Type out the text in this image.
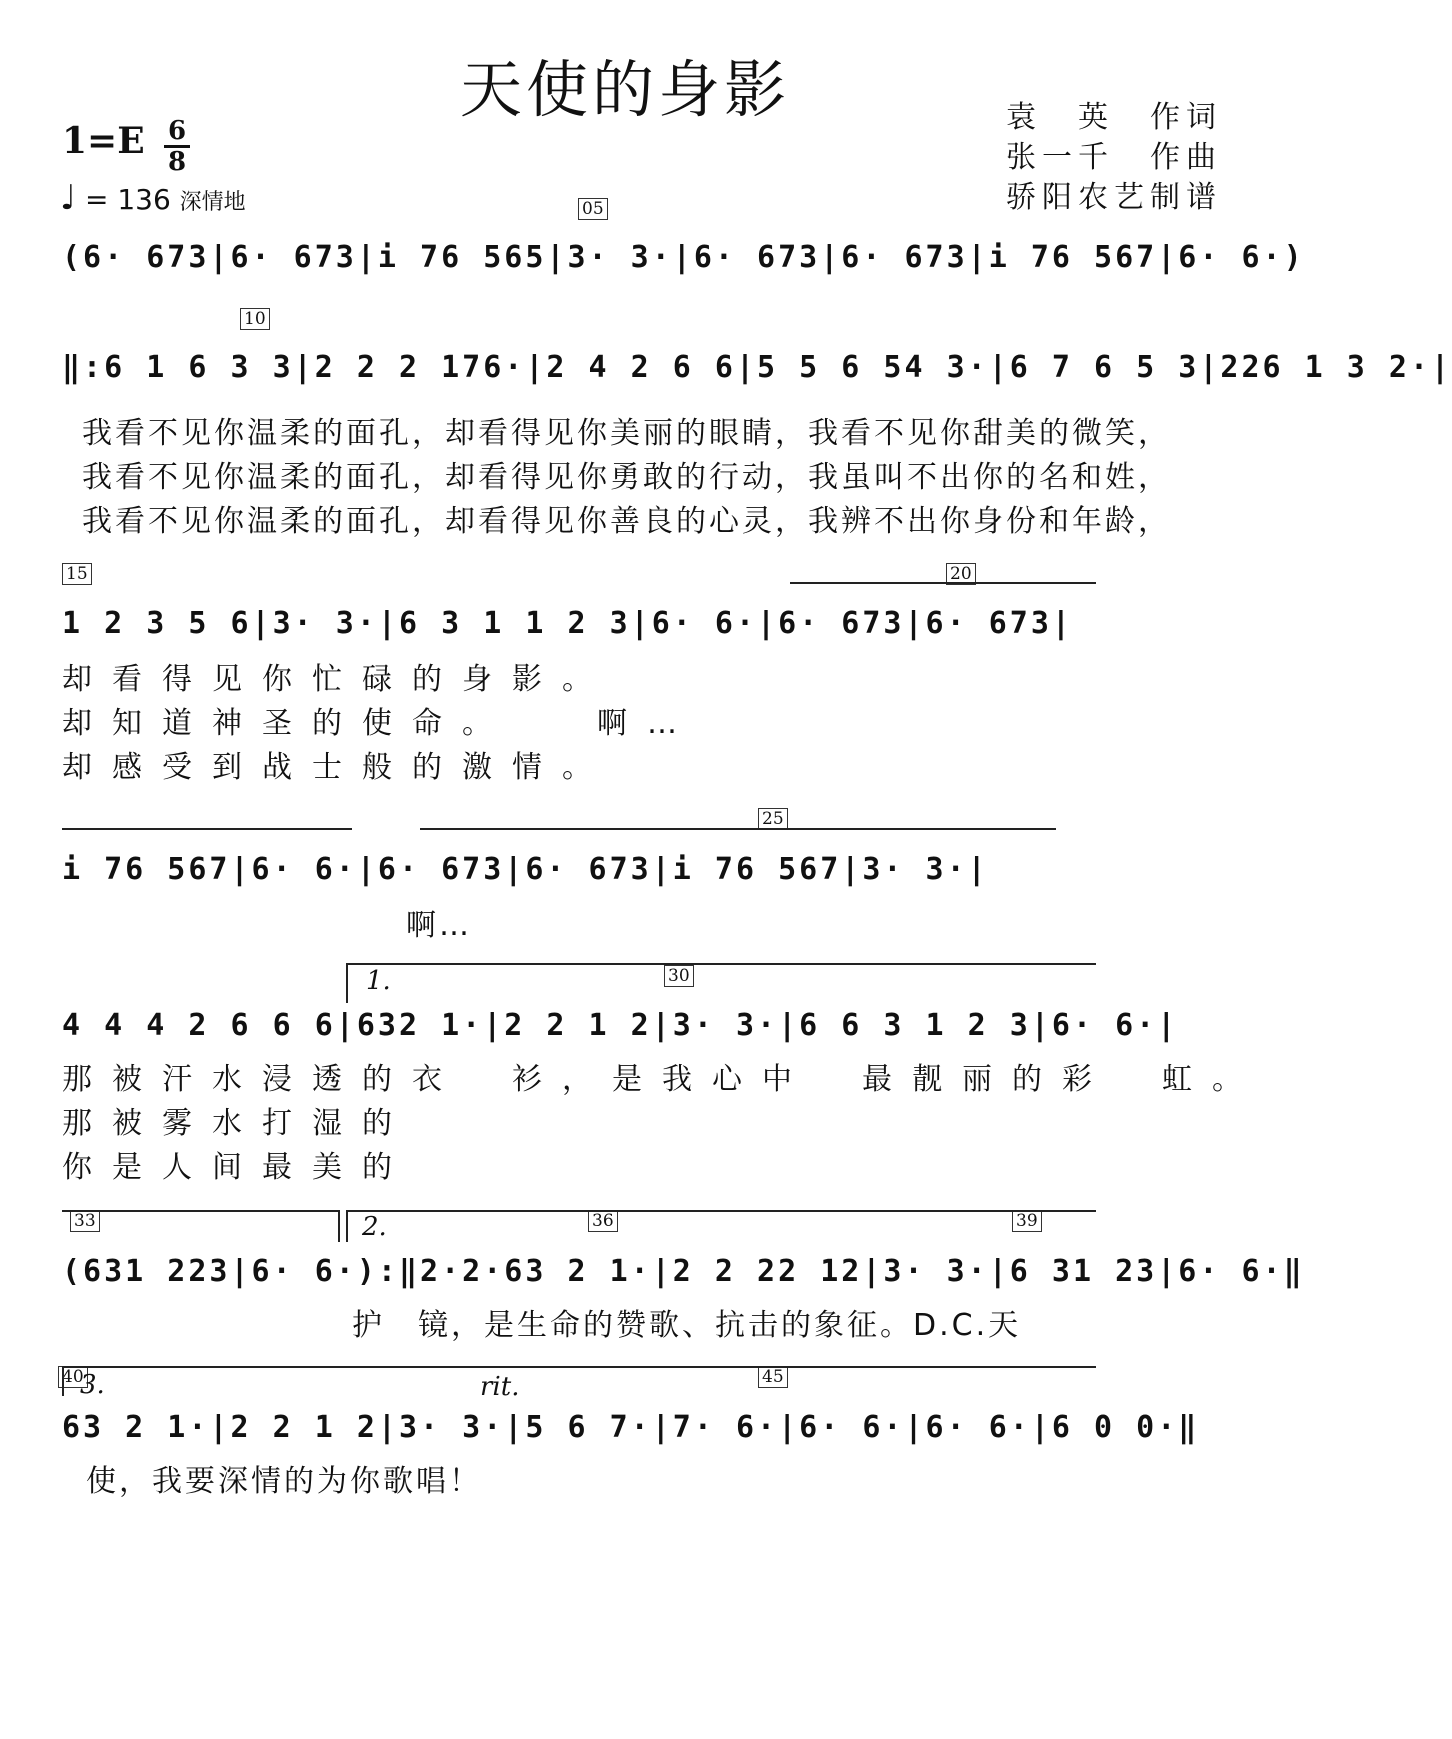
天使的身影
1=E 6
8
♩ = 136 深情地
袁　英　作词
张一千　作曲
骄阳农艺制谱
05
10
15	20
25
30
33	36	39
40	45
(6· 673|6· 673|i 76 565|3· 3·|6· 673|6· 673|i 76 567|6· 6·)
‖:6 1 6 3 3|2 2 2 176·|2 4 2 6 6|5 5 6 54 3·|6 7 6 5 3|226 1 3 2·|
我看不见你温柔的面孔，却看得见你美丽的眼睛，我看不见你甜美的微笑，
我看不见你温柔的面孔，却看得见你勇敢的行动，我虽叫不出你的名和姓，
我看不见你温柔的面孔，却看得见你善良的心灵，我辨不出你身份和年龄，
1 2 3 5 6|3· 3·|6 3 1 1 2 3|6· 6·|6· 673|6· 673|
却看得见你忙碌的身影。
却知道神圣的使命。　　啊…
却感受到战士般的激情。
i 76 567|6· 6·|6· 673|6· 673|i 76 567|3· 3·|
啊…
1.
4 4 4 2 6 6 6|632 1·|2 2 1 2|3· 3·|6 6 3 1 2 3|6· 6·|
那被汗水浸透的衣　衫，是我心中　最靓丽的彩　虹。
那被雾水打湿的
你是人间最美的
2.
(631 223|6· 6·):‖2·2·63 2 1·|2 2 22 12|3· 3·|6 31 23|6· 6·‖
护　镜，是生命的赞歌、抗击的象征。D.C.天
3.	rit.
63 2 1·|2 2 1 2|3· 3·|5 6 7·|7· 6·|6· 6·|6· 6·|6 0 0·‖
使，我要深情的为你歌唱！
